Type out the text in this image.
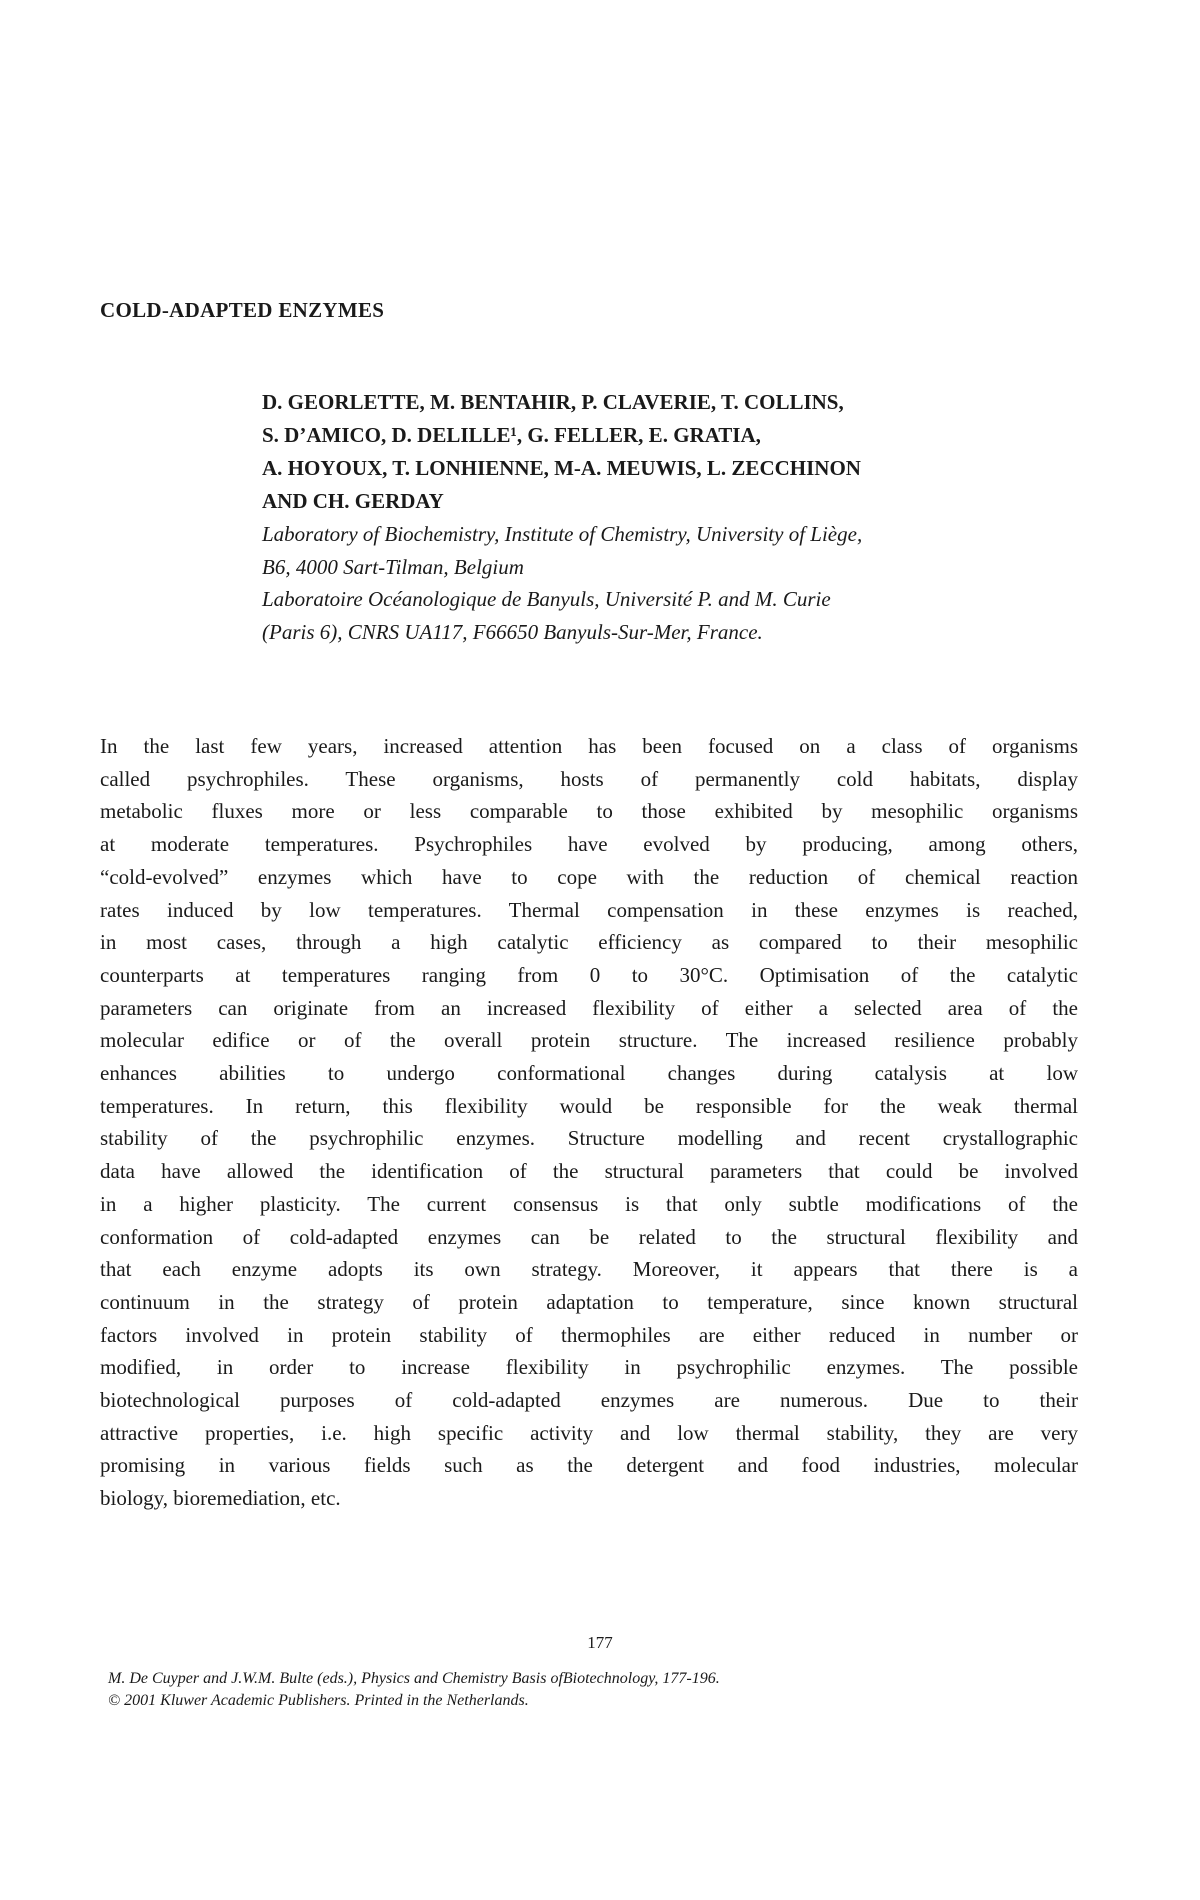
COLD-ADAPTED ENZYMES
D. GEORLETTE, M. BENTAHIR, P. CLAVERIE, T. COLLINS,
S. D’AMICO, D. DELILLE¹, G. FELLER, E. GRATIA,
A. HOYOUX, T. LONHIENNE, M-A. MEUWIS, L. ZECCHINON
AND CH. GERDAY
Laboratory of Biochemistry, Institute of Chemistry, University of Liège,
B6, 4000 Sart-Tilman, Belgium
Laboratoire Océanologique de Banyuls, Université P. and M. Curie
(Paris 6), CNRS UA117, F66650 Banyuls-Sur-Mer, France.
In the last few years, increased attention has been focused on a class of organisms
called psychrophiles. These organisms, hosts of permanently cold habitats, display
metabolic fluxes more or less comparable to those exhibited by mesophilic organisms
at moderate temperatures. Psychrophiles have evolved by producing, among others,
“cold-evolved” enzymes which have to cope with the reduction of chemical reaction
rates induced by low temperatures. Thermal compensation in these enzymes is reached,
in most cases, through a high catalytic efficiency as compared to their mesophilic
counterparts at temperatures ranging from 0 to 30°C. Optimisation of the catalytic
parameters can originate from an increased flexibility of either a selected area of the
molecular edifice or of the overall protein structure. The increased resilience probably
enhances abilities to undergo conformational changes during catalysis at low
temperatures. In return, this flexibility would be responsible for the weak thermal
stability of the psychrophilic enzymes. Structure modelling and recent crystallographic
data have allowed the identification of the structural parameters that could be involved
in a higher plasticity. The current consensus is that only subtle modifications of the
conformation of cold-adapted enzymes can be related to the structural flexibility and
that each enzyme adopts its own strategy. Moreover, it appears that there is a
continuum in the strategy of protein adaptation to temperature, since known structural
factors involved in protein stability of thermophiles are either reduced in number or
modified, in order to increase flexibility in psychrophilic enzymes. The possible
biotechnological purposes of cold-adapted enzymes are numerous. Due to their
attractive properties, i.e. high specific activity and low thermal stability, they are very
promising in various fields such as the detergent and food industries, molecular
biology, bioremediation, etc.
177
M. De Cuyper and J.W.M. Bulte (eds.), Physics and Chemistry Basis ofBiotechnology, 177-196.
© 2001 Kluwer Academic Publishers. Printed in the Netherlands.
